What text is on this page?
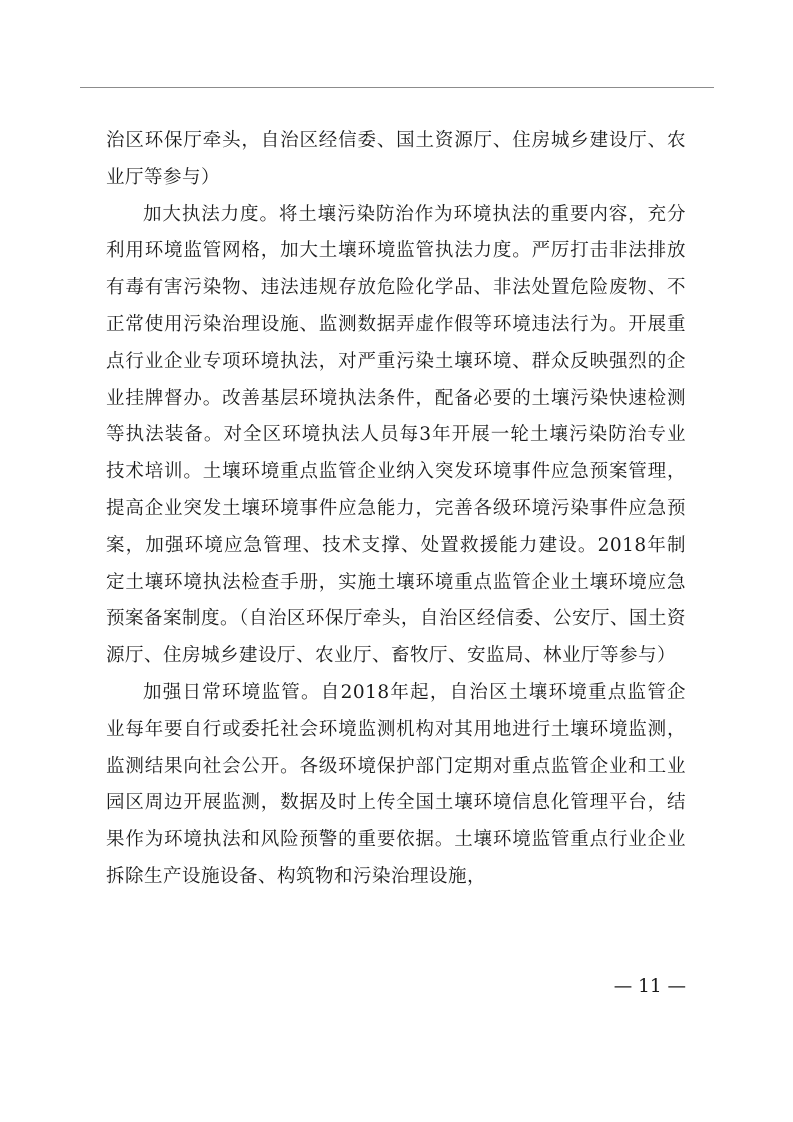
治区环保厅牵头，自治区经信委、国土资源厅、住房城乡建设厅、农业厅等参与）

加大执法力度。将土壤污染防治作为环境执法的重要内容，充分利用环境监管网格，加大土壤环境监管执法力度。严厉打击非法排放有毒有害污染物、违法违规存放危险化学品、非法处置危险废物、不正常使用污染治理设施、监测数据弄虚作假等环境违法行为。开展重点行业企业专项环境执法，对严重污染土壤环境、群众反映强烈的企业挂牌督办。改善基层环境执法条件，配备必要的土壤污染快速检测等执法装备。对全区环境执法人员每3年开展一轮土壤污染防治专业技术培训。土壤环境重点监管企业纳入突发环境事件应急预案管理，提高企业突发土壤环境事件应急能力，完善各级环境污染事件应急预案，加强环境应急管理、技术支撑、处置救援能力建设。2018年制定土壤环境执法检查手册，实施土壤环境重点监管企业土壤环境应急预案备案制度。（自治区环保厅牵头，自治区经信委、公安厅、国土资源厅、住房城乡建设厅、农业厅、畜牧厅、安监局、林业厅等参与）

加强日常环境监管。自2018年起，自治区土壤环境重点监管企业每年要自行或委托社会环境监测机构对其用地进行土壤环境监测，监测结果向社会公开。各级环境保护部门定期对重点监管企业和工业园区周边开展监测，数据及时上传全国土壤环境信息化管理平台，结果作为环境执法和风险预警的重要依据。土壤环境监管重点行业企业拆除生产设施设备、构筑物和污染治理设施，

— 11 —
